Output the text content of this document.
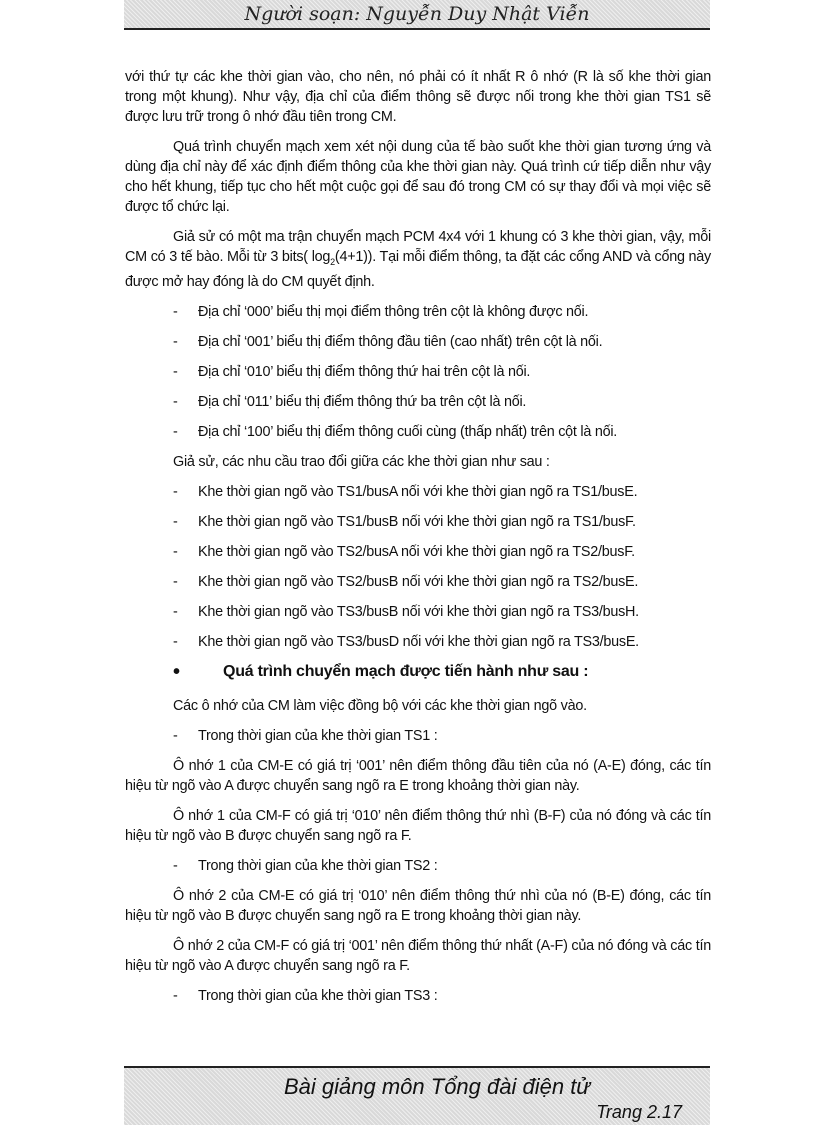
Người soạn: Nguyễn Duy Nhật Viễn

với thứ tự các khe thời gian vào, cho nên, nó phải có ít nhất R ô nhớ (R là số khe thời gian trong một khung). Như vậy, địa chỉ của điểm thông sẽ được nối trong khe thời gian TS1 sẽ được lưu trữ trong ô nhớ đầu tiên trong CM.

Quá trình chuyển mạch xem xét nội dung của tế bào suốt khe thời gian tương ứng và dùng địa chỉ này để xác định điểm thông của khe thời gian này. Quá trình cứ tiếp diễn như vậy cho hết khung, tiếp tục cho hết một cuộc gọi để sau đó trong CM có sự thay đổi và mọi việc sẽ được tổ chức lại.

Giả sử có một ma trận chuyển mạch PCM 4x4 với 1 khung có 3 khe thời gian, vậy, mỗi CM có 3 tế bào. Mỗi từ 3 bits( $\log_2(4+1)$). Tại mỗi điểm thông, ta đặt các cổng AND và cổng này được mở hay đóng là do CM quyết định.

-	Địa chỉ ‘000’ biểu thị mọi điểm thông trên cột là không được nối.
-	Địa chỉ ‘001’ biểu thị điểm thông đầu tiên (cao nhất) trên cột là nối.
-	Địa chỉ ‘010’ biểu thị điểm thông thứ hai trên cột là nối.
-	Địa chỉ ‘011’ biểu thị điểm thông thứ ba trên cột là nối.
-	Địa chỉ ‘100’ biểu thị điểm thông cuối cùng (thấp nhất) trên cột là nối.

Giả sử, các nhu cầu trao đổi giữa các khe thời gian như sau :

-	Khe thời gian ngõ vào TS1/busA nối với khe thời gian ngõ ra TS1/busE.
-	Khe thời gian ngõ vào TS1/busB nối với khe thời gian ngõ ra TS1/busF.
-	Khe thời gian ngõ vào TS2/busA nối với khe thời gian ngõ ra TS2/busF.
-	Khe thời gian ngõ vào TS2/busB nối với khe thời gian ngõ ra TS2/busE.
-	Khe thời gian ngõ vào TS3/busB nối với khe thời gian ngõ ra TS3/busH.
-	Khe thời gian ngõ vào TS3/busD nối với khe thời gian ngõ ra TS3/busE.
•	Quá trình chuyển mạch được tiến hành như sau :

Các ô nhớ của CM làm việc đồng bộ với các khe thời gian ngõ vào.

-	Trong thời gian của khe thời gian TS1 :

Ô nhớ 1 của CM-E có giá trị ‘001’ nên điểm thông đầu tiên của nó (A-E) đóng, các tín hiệu từ ngõ vào A được chuyển sang ngõ ra E trong khoảng thời gian này.

Ô nhớ 1 của CM-F có giá trị ‘010’ nên điểm thông thứ nhì (B-F) của nó đóng và các tín hiệu từ ngõ vào B được chuyển sang ngõ ra F.

-	Trong thời gian của khe thời gian TS2 :

Ô nhớ 2 của CM-E có giá trị ‘010’ nên điểm thông thứ nhì của nó (B-E) đóng, các tín hiệu từ ngõ vào B được chuyển sang ngõ ra E trong khoảng thời gian này.

Ô nhớ 2 của CM-F có giá trị ‘001’ nên điểm thông thứ nhất (A-F) của nó đóng và các tín hiệu từ ngõ vào A được chuyển sang ngõ ra F.

-	Trong thời gian của khe thời gian TS3 :
Bài giảng môn Tổng đài điện tử
Trang 2.17
